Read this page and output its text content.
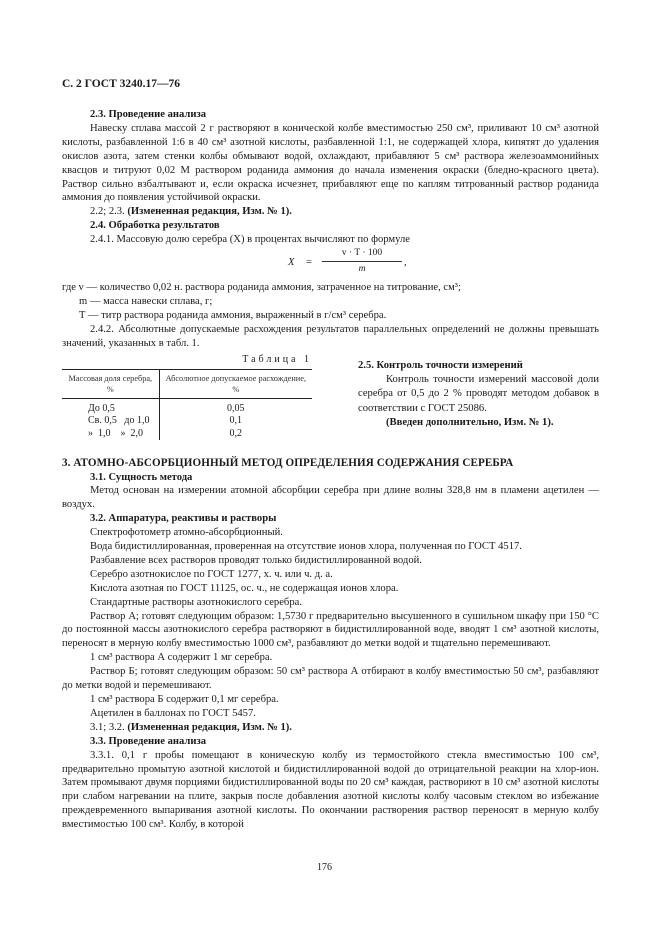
С. 2 ГОСТ 3240.17—76

2.3. Проведение анализа

Навеску сплава массой 2 г растворяют в конической колбе вместимостью 250 см³, приливают 10 см³ азотной кислоты, разбавленной 1:6 в 40 см³ азотной кислоты, разбавленной 1:1, не содержащей хлора, кипятят до удаления окислов азота, затем стенки колбы обмывают водой, охлаждают, прибавляют 5 см³ раствора железоаммонийных квасцов и титруют 0,02 М раствором роданида аммония до начала изменения окраски (бледно-красного цвета). Раствор сильно взбалтывают и, если окраска исчезнет, прибавляют еще по каплям титрованный раствор роданида аммония до появления устойчивой окраски.

2.2; 2.3. (Измененная редакция, Изм. № 1).

2.4. Обработка результатов

2.4.1. Массовую долю серебра (X) в процентах вычисляют по формуле

X =
v · T · 100
m
,

где v — количество 0,02 н. раствора роданида аммония, затраченное на титрование, см³;

m — масса навески сплава, г;

T — титр раствора роданида аммония, выраженный в г/см³ серебра.

2.4.2. Абсолютные допускаемые расхождения результатов параллельных определений не должны превышать значений, указанных в табл. 1.

Таблица 1
Массовая доля серебра, %	Абсолютное допускаемое расхождение, %
До 0,5	0,05
Св. 0,5   до 1,0	0,1
»  1,0    »  2,0	0,2

2.5. Контроль точности измерений

Контроль точности измерений массовой доли серебра от 0,5 до 2 % проводят методом добавок в соответствии с ГОСТ 25086.

(Введен дополнительно, Изм. № 1).

3. АТОМНО-АБСОРБЦИОННЫЙ МЕТОД ОПРЕДЕЛЕНИЯ СОДЕРЖАНИЯ СЕРЕБРА

3.1. Сущность метода

Метод основан на измерении атомной абсорбции серебра при длине волны 328,8 нм в пламени ацетилен — воздух.

3.2. Аппаратура, реактивы и растворы

Спектрофотометр атомно-абсорбционный.

Вода бидистиллированная, проверенная на отсутствие ионов хлора, полученная по ГОСТ 4517.

Разбавление всех растворов проводят только бидистиллированной водой.

Серебро азотнокислое по ГОСТ 1277, х. ч. или ч. д. а.

Кислота азотная по ГОСТ 11125, ос. ч., не содержащая ионов хлора.

Стандартные растворы азотнокислого серебра.

Раствор А; готовят следующим образом: 1,5730 г предварительно высушенного в сушильном шкафу при 150 °С до постоянной массы азотнокислого серебра растворяют в бидистиллированной воде, вводят 1 см³ азотной кислоты, переносят в мерную колбу вместимостью 1000 см³, разбавляют до метки водой и тщательно перемешивают.

1 см³ раствора А содержит 1 мг серебра.

Раствор Б; готовят следующим образом: 50 см³ раствора А отбирают в колбу вместимостью 50 см³, разбавляют до метки водой и перемешивают.

1 см³ раствора Б содержит 0,1 мг серебра.

Ацетилен в баллонах по ГОСТ 5457.

3.1; 3.2. (Измененная редакция, Изм. № 1).

3.3. Проведение анализа

3.3.1. 0,1 г пробы помещают в коническую колбу из термостойкого стекла вместимостью 100 см³, предварительно промытую азотной кислотой и бидистиллированной водой до отрицательной реакции на хлор-ион. Затем промывают двумя порциями бидистиллированной воды по 20 см³ каждая, раствориют в 10 см³ азотной кислоты при слабом нагревании на плите, закрыв после добавления азотной кислоты колбу часовым стеклом во избежание преждевременного выпаривания азотной кислоты. По окончании растворения раствор переносят в мерную колбу вместимостью 100 см³. Колбу, в которой

176
